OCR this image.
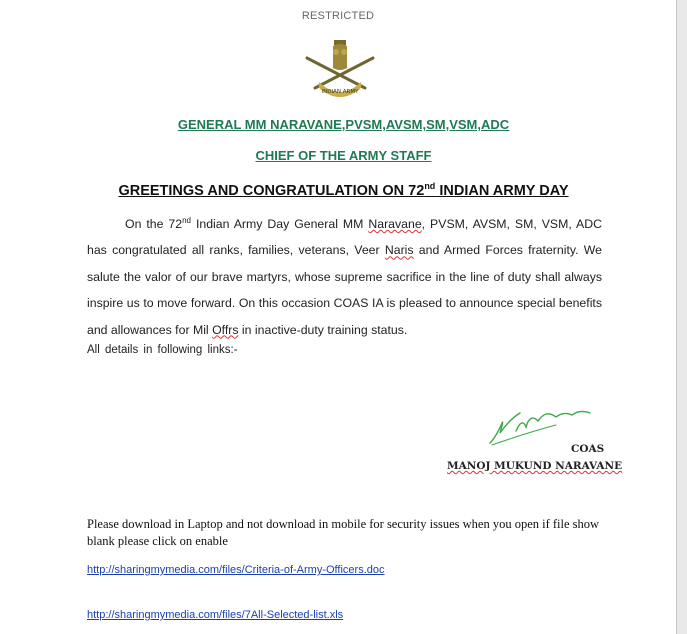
RESTRICTED
INDIAN ARMY
GENERAL MM NARAVANE,PVSM,AVSM,SM,VSM,ADC
CHIEF OF THE ARMY STAFF
GREETINGS AND CONGRATULATION ON 72nd INDIAN ARMY DAY
On the 72nd Indian Army Day General MM Naravane, PVSM, AVSM, SM, VSM, ADC has congratulated all ranks, families, veterans, Veer Naris and Armed Forces fraternity. We salute the valor of our brave martyrs, whose supreme sacrifice in the line of duty shall always inspire us to move forward. On this occasion COAS IA is pleased to announce special benefits and allowances for Mil Offrs in inactive-duty training status.
All details in following links:-
COAS
MANOJ MUKUND NARAVANE
Please download in Laptop and not download in mobile for security issues when you open if file show blank please click on enable
http://sharingmymedia.com/files/Criteria-of-Army-Officers.doc
http://sharingmymedia.com/files/7All-Selected-list.xls
